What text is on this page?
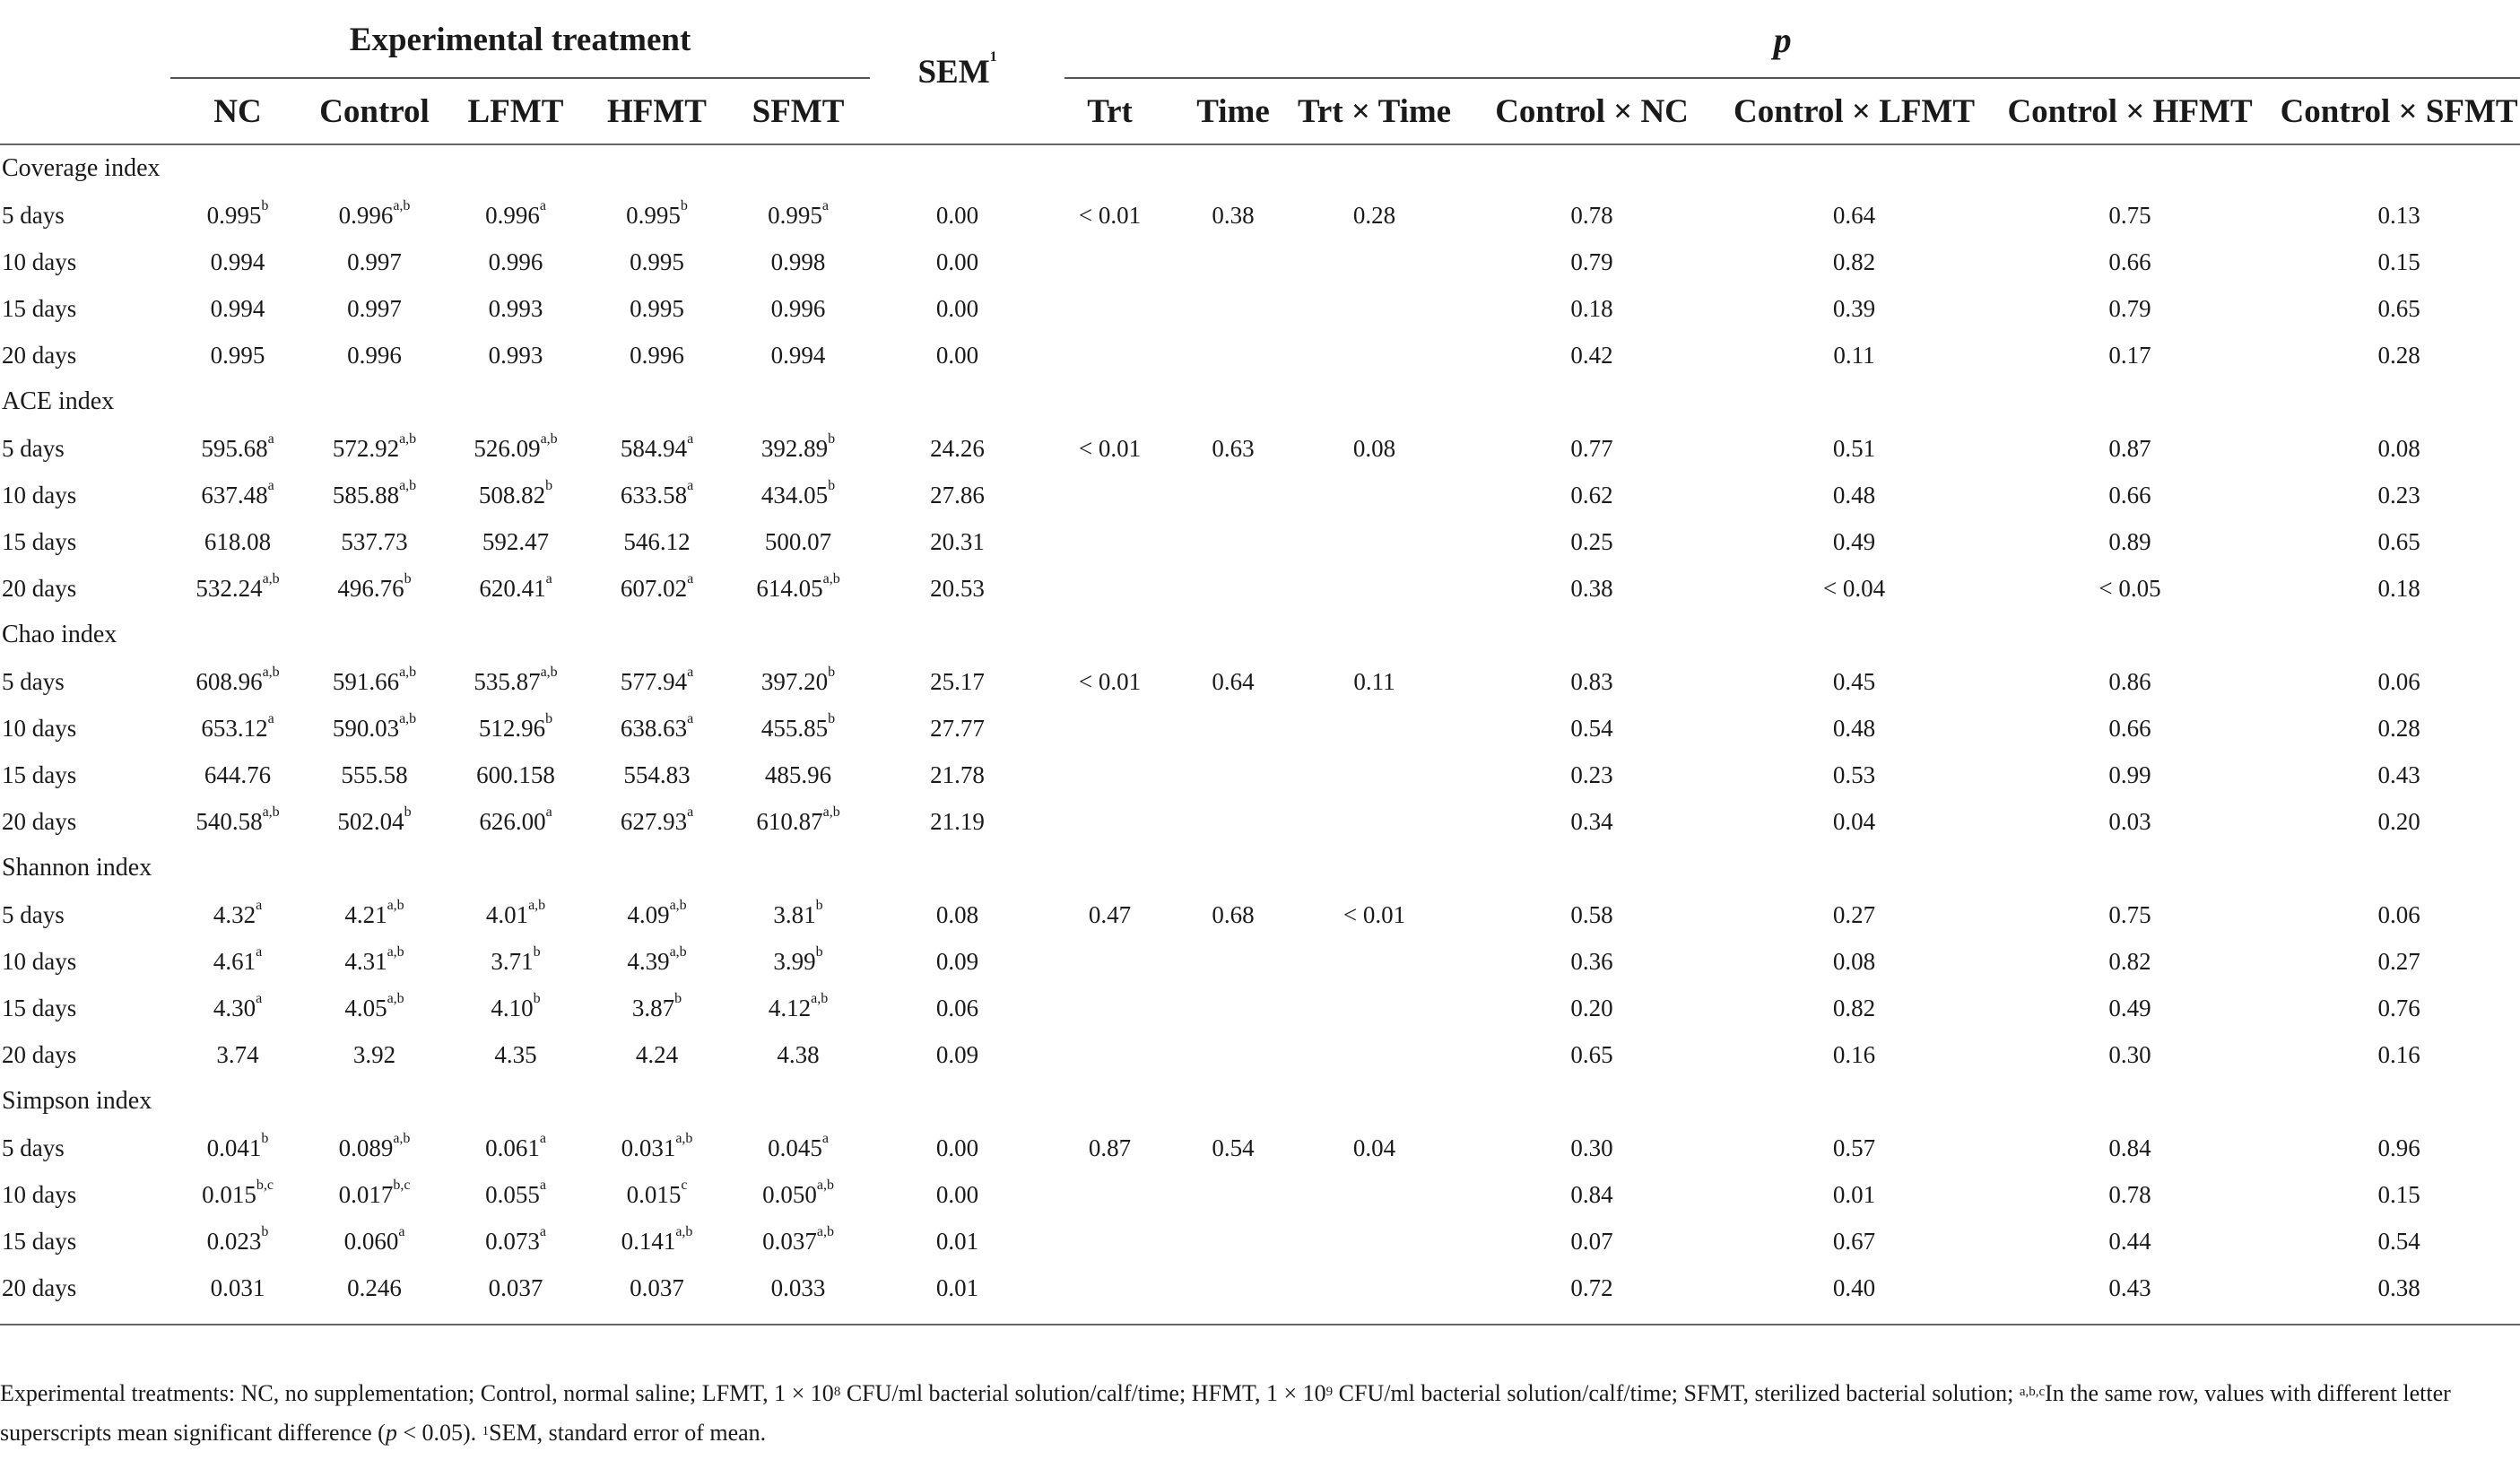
	Experimental treatment					SEM$^1$	p						

	NC	Control	LFMT	HFMT	SFMT		Trt	Time	Trt × Time	Control × NC	Control × LFMT	Control × HFMT	Control × SFMT
Coverage index													
5 days	0.995$^b$	0.996$^{a,b}$	0.996$^a$	0.995$^b$	0.995$^a$	0.00	< 0.01	0.38	0.28	0.78	0.64	0.75	0.13
10 days	0.994	0.997	0.996	0.995	0.998	0.00				0.79	0.82	0.66	0.15
15 days	0.994	0.997	0.993	0.995	0.996	0.00				0.18	0.39	0.79	0.65
20 days	0.995	0.996	0.993	0.996	0.994	0.00				0.42	0.11	0.17	0.28
ACE index													
5 days	595.68$^a$	572.92$^{a,b}$	526.09$^{a,b}$	584.94$^a$	392.89$^b$	24.26	< 0.01	0.63	0.08	0.77	0.51	0.87	0.08
10 days	637.48$^a$	585.88$^{a,b}$	508.82$^b$	633.58$^a$	434.05$^b$	27.86				0.62	0.48	0.66	0.23
15 days	618.08	537.73	592.47	546.12	500.07	20.31				0.25	0.49	0.89	0.65
20 days	532.24$^{a,b}$	496.76$^b$	620.41$^a$	607.02$^a$	614.05$^{a,b}$	20.53				0.38	< 0.04	< 0.05	0.18
Chao index													
5 days	608.96$^{a,b}$	591.66$^{a,b}$	535.87$^{a,b}$	577.94$^a$	397.20$^b$	25.17	< 0.01	0.64	0.11	0.83	0.45	0.86	0.06
10 days	653.12$^a$	590.03$^{a,b}$	512.96$^b$	638.63$^a$	455.85$^b$	27.77				0.54	0.48	0.66	0.28
15 days	644.76	555.58	600.158	554.83	485.96	21.78				0.23	0.53	0.99	0.43
20 days	540.58$^{a,b}$	502.04$^b$	626.00$^a$	627.93$^a$	610.87$^{a,b}$	21.19				0.34	0.04	0.03	0.20
Shannon index													
5 days	4.32$^a$	4.21$^{a,b}$	4.01$^{a,b}$	4.09$^{a,b}$	3.81$^b$	0.08	0.47	0.68	< 0.01	0.58	0.27	0.75	0.06
10 days	4.61$^a$	4.31$^{a,b}$	3.71$^b$	4.39$^{a,b}$	3.99$^b$	0.09				0.36	0.08	0.82	0.27
15 days	4.30$^a$	4.05$^{a,b}$	4.10$^b$	3.87$^b$	4.12$^{a,b}$	0.06				0.20	0.82	0.49	0.76
20 days	3.74	3.92	4.35	4.24	4.38	0.09				0.65	0.16	0.30	0.16
Simpson index													
5 days	0.041$^b$	0.089$^{a,b}$	0.061$^a$	0.031$^{a,b}$	0.045$^a$	0.00	0.87	0.54	0.04	0.30	0.57	0.84	0.96
10 days	0.015$^{b,c}$	0.017$^{b,c}$	0.055$^a$	0.015$^c$	0.050$^{a,b}$	0.00				0.84	0.01	0.78	0.15
15 days	0.023$^b$	0.060$^a$	0.073$^a$	0.141$^{a,b}$	0.037$^{a,b}$	0.01				0.07	0.67	0.44	0.54
20 days	0.031	0.246	0.037	0.037	0.033	0.01				0.72	0.40	0.43	0.38

Experimental treatments: NC, no supplementation; Control, normal saline; LFMT, $1 \times 10^8$ CFU/ml bacterial solution/calf/time; HFMT, $1 \times 10^9$ CFU/ml bacterial solution/calf/time; SFMT, sterilized bacterial solution; $^{a,b,c}$In the same row, values with different letter superscripts mean significant difference (p < 0.05). $^1$SEM, standard error of mean.
